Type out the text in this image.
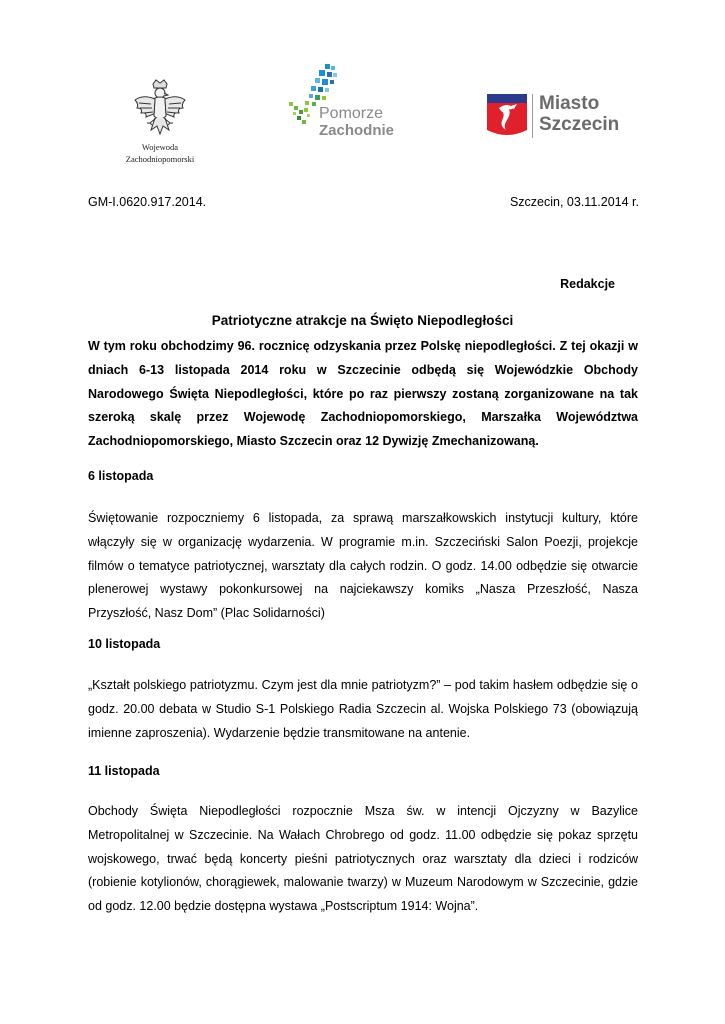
Wojewoda
Zachodniopomorski
Pomorze
Zachodnie
Miasto
Szczecin
GM-I.0620.917.2014.	Szczecin, 03.11.2014 r.
Redakcje
Patriotyczne atrakcje na Święto Niepodległości
W tym roku obchodzimy 96. rocznicę odzyskania przez Polskę niepodległości. Z tej okazji w dniach 6-13 listopada 2014 roku w Szczecinie odbędą się Wojewódzkie Obchody Narodowego Święta Niepodległości, które po raz pierwszy zostaną zorganizowane na tak szeroką skalę przez Wojewodę Zachodniopomorskiego, Marszałka Województwa Zachodniopomorskiego, Miasto Szczecin oraz 12 Dywizję Zmechanizowaną.
6 listopada
Świętowanie rozpoczniemy 6 listopada, za sprawą marszałkowskich instytucji kultury, które włączyły się w organizację wydarzenia. W programie m.in. Szczeciński Salon Poezji, projekcje filmów o tematyce patriotycznej, warsztaty dla całych rodzin. O godz. 14.00 odbędzie się otwarcie plenerowej wystawy pokonkursowej na najciekawszy komiks „Nasza Przeszłość, Nasza Przyszłość, Nasz Dom” (Plac Solidarności)
10 listopada
„Kształt polskiego patriotyzmu. Czym jest dla mnie patriotyzm?” – pod takim hasłem odbędzie się o godz. 20.00 debata w Studio S-1 Polskiego Radia Szczecin al. Wojska Polskiego 73 (obowiązują imienne zaproszenia). Wydarzenie będzie transmitowane na antenie.
11 listopada
Obchody Święta Niepodległości rozpocznie Msza św. w intencji Ojczyzny w Bazylice Metropolitalnej w Szczecinie. Na Wałach Chrobrego od godz. 11.00 odbędzie się pokaz sprzętu wojskowego, trwać będą koncerty pieśni patriotycznych oraz warsztaty dla dzieci i rodziców (robienie kotylionów, chorągiewek, malowanie twarzy) w Muzeum Narodowym w Szczecinie, gdzie od godz. 12.00 będzie dostępna wystawa „Postscriptum 1914: Wojna”.
